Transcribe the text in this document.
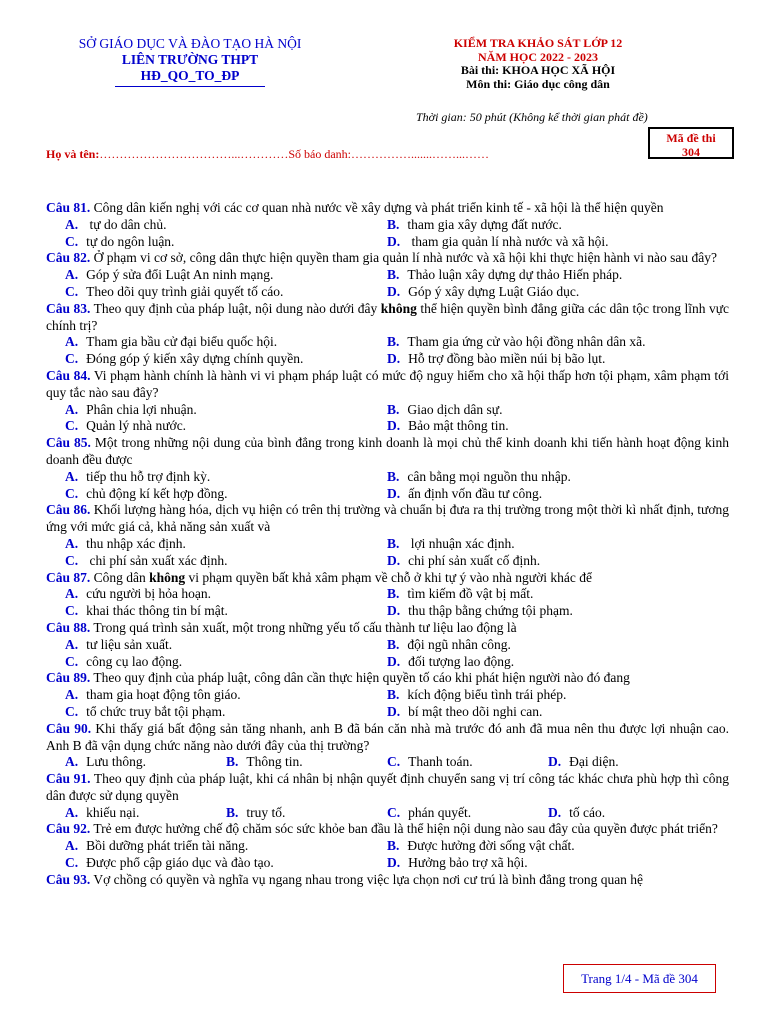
SỞ GIÁO DỤC VÀ ĐÀO TẠO HÀ NỘI
LIÊN TRƯỜNG THPT
HĐ_QO_TO_ĐP
KIỂM TRA KHẢO SÁT LỚP 12
NĂM HỌC 2022 - 2023
Bài thi: KHOA HỌC XÃ HỘI
Môn thi: Giáo dục công dân
Thời gian: 50 phút (Không kể thời gian phát đề)
Mã đề thi
304
Họ và tên:……………………………...…………Số báo danh:…………….......……...……
Câu 81. Công dân kiến nghị với các cơ quan nhà nước về xây dựng và phát triển kinh tế - xã hội là thể hiện quyền
A. tự do dân chủ.	B. tham gia xây dựng đất nước.
C. tự do ngôn luận.	D. tham gia quản lí nhà nước và xã hội.
Câu 82. Ở phạm vi cơ sở, công dân thực hiện quyền tham gia quản lí nhà nước và xã hội khi thực hiện hành vi nào sau đây?
A. Góp ý sửa đổi Luật An ninh mạng.	B. Thảo luận xây dựng dự thảo Hiến pháp.
C. Theo dõi quy trình giải quyết tố cáo.	D. Góp ý xây dựng Luật Giáo dục.
Câu 83. Theo quy định của pháp luật, nội dung nào dưới đây không thể hiện quyền bình đẳng giữa các dân tộc trong lĩnh vực chính trị?
A. Tham gia bầu cử đại biểu quốc hội.	B. Tham gia ứng cử vào hội đồng nhân dân xã.
C. Đóng góp ý kiến xây dựng chính quyền.	D. Hỗ trợ đồng bào miền núi bị bão lụt.
Câu 84. Vi phạm hành chính là hành vi vi phạm pháp luật có mức độ nguy hiểm cho xã hội thấp hơn tội phạm, xâm phạm tới quy tắc nào sau đây?
A. Phân chia lợi nhuận.	B. Giao dịch dân sự.
C. Quản lý nhà nước.	D. Bảo mật thông tin.
Câu 85. Một trong những nội dung của bình đẳng trong kinh doanh là mọi chủ thể kinh doanh khi tiến hành hoạt động kinh doanh đều được
A. tiếp thu hỗ trợ định kỳ.	B. cân bằng mọi nguồn thu nhập.
C. chủ động kí kết hợp đồng.	D. ấn định vốn đầu tư công.
Câu 86. Khối lượng hàng hóa, dịch vụ hiện có trên thị trường và chuẩn bị đưa ra thị trường trong một thời kì nhất định, tương ứng với mức giá cả, khả năng sản xuất và
A. thu nhập xác định.	B. lợi nhuận xác định.
C. chi phí sản xuất xác định.	D. chi phí sản xuất cố định.
Câu 87. Công dân không vi phạm quyền bất khả xâm phạm về chỗ ở khi tự ý vào nhà người khác để
A. cứu người bị hỏa hoạn.	B. tìm kiếm đồ vật bị mất.
C. khai thác thông tin bí mật.	D. thu thập bằng chứng tội phạm.
Câu 88. Trong quá trình sản xuất, một trong những yếu tố cấu thành tư liệu lao động là
A. tư liệu sản xuất.	B. đội ngũ nhân công.
C. công cụ lao động.	D. đối tượng lao động.
Câu 89. Theo quy định của pháp luật, công dân cần thực hiện quyền tố cáo khi phát hiện người nào đó đang
A. tham gia hoạt động tôn giáo.	B. kích động biểu tình trái phép.
C. tổ chức truy bắt tội phạm.	D. bí mật theo dõi nghi can.
Câu 90. Khi thấy giá bất động sản tăng nhanh, anh B đã bán căn nhà mà trước đó anh đã mua nên thu được lợi nhuận cao. Anh B đã vận dụng chức năng nào dưới đây của thị trường?
A. Lưu thông.	B. Thông tin.	C. Thanh toán.	D. Đại diện.
Câu 91. Theo quy định của pháp luật, khi cá nhân bị nhận quyết định chuyển sang vị trí công tác khác chưa phù hợp thì công dân được sử dụng quyền
A. khiếu nại.	B. truy tố.	C. phán quyết.	D. tố cáo.
Câu 92. Trẻ em được hưởng chế độ chăm sóc sức khỏe ban đầu là thể hiện nội dung nào sau đây của quyền được phát triển?
A. Bồi dưỡng phát triển tài năng.	B. Được hưởng đời sống vật chất.
C. Được phổ cập giáo dục và đào tạo.	D. Hưởng bảo trợ xã hội.
Câu 93. Vợ chồng có quyền và nghĩa vụ ngang nhau trong việc lựa chọn nơi cư trú là bình đẳng trong quan hệ
Trang 1/4 - Mã đề 304
